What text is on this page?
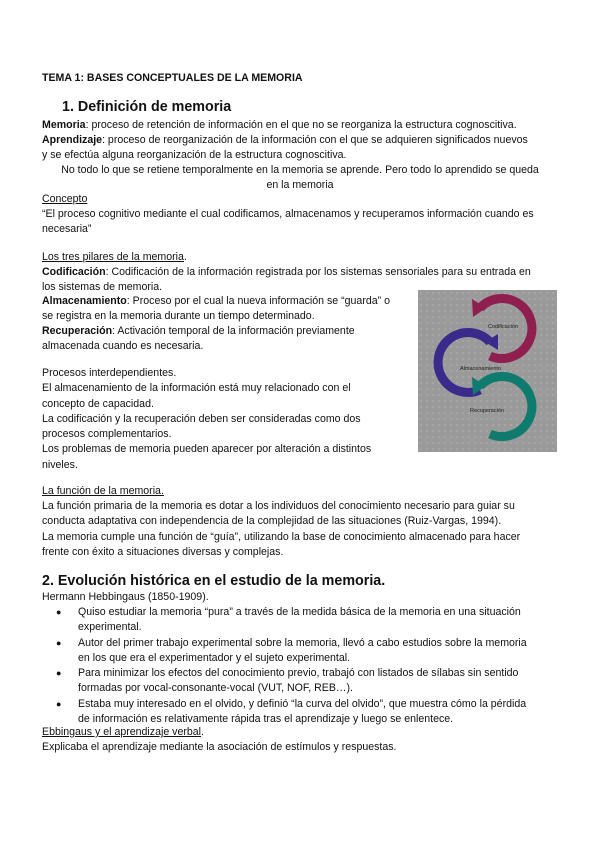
TEMA 1: BASES CONCEPTUALES DE LA MEMORIA

1. Definición de memoria

Memoria: proceso de retención de información en el que no se reorganiza la estructura cognoscitiva.

Aprendizaje: proceso de reorganización de la información con el que se adquieren significados nuevos
y se efectúa alguna reorganización de la estructura cognoscitiva.

No todo lo que se retiene temporalmente en la memoria se aprende. Pero todo lo aprendido se queda
en la memoria

Concepto

“El proceso cognitivo mediante el cual codificamos, almacenamos y recuperamos información cuando es
necesaria”

Los tres pilares de la memoria.

Codificación: Codificación de la información registrada por los sistemas sensoriales para su entrada en
los sistemas de memoria.

Almacenamiento: Proceso por el cual la nueva información se “guarda” o
se registra en la memoria durante un tiempo determinado.

Recuperación: Activación temporal de la información previamente
almacenada cuando es necesaria.

Procesos interdependientes.
El almacenamiento de la información está muy relacionado con el
concepto de capacidad.
La codificación y la recuperación deben ser consideradas como dos
procesos complementarios.
Los problemas de memoria pueden aparecer por alteración a distintos
niveles.

La función de la memoria.

La función primaria de la memoria es dotar a los individuos del conocimiento necesario para guiar su
conducta adaptativa con independencia de la complejidad de las situaciones (Ruiz-Vargas, 1994).
La memoria cumple una función de “guía”, utilizando la base de conocimiento almacenado para hacer
frente con éxito a situaciones diversas y complejas.

Codificación
Almacenamiento
Recuperación

2. Evolución histórica en el estudio de la memoria.

Hermann Hebbingaus (1850-1909).

● Quiso estudiar la memoria “pura” a través de la medida básica de la memoria en una situación
experimental.
● Autor del primer trabajo experimental sobre la memoria, llevó a cabo estudios sobre la memoria
en los que era el experimentador y el sujeto experimental.
● Para minimizar los efectos del conocimiento previo, trabajó con listados de sílabas sin sentido
formadas por vocal-consonante-vocal (VUT, NOF, REB…).
● Estaba muy interesado en el olvido, y definió “la curva del olvido”, que muestra cómo la pérdida
de información es relativamente rápida tras el aprendizaje y luego se enlentece.

Ebbingaus y el aprendizaje verbal.

Explicaba el aprendizaje mediante la asociación de estímulos y respuestas.
